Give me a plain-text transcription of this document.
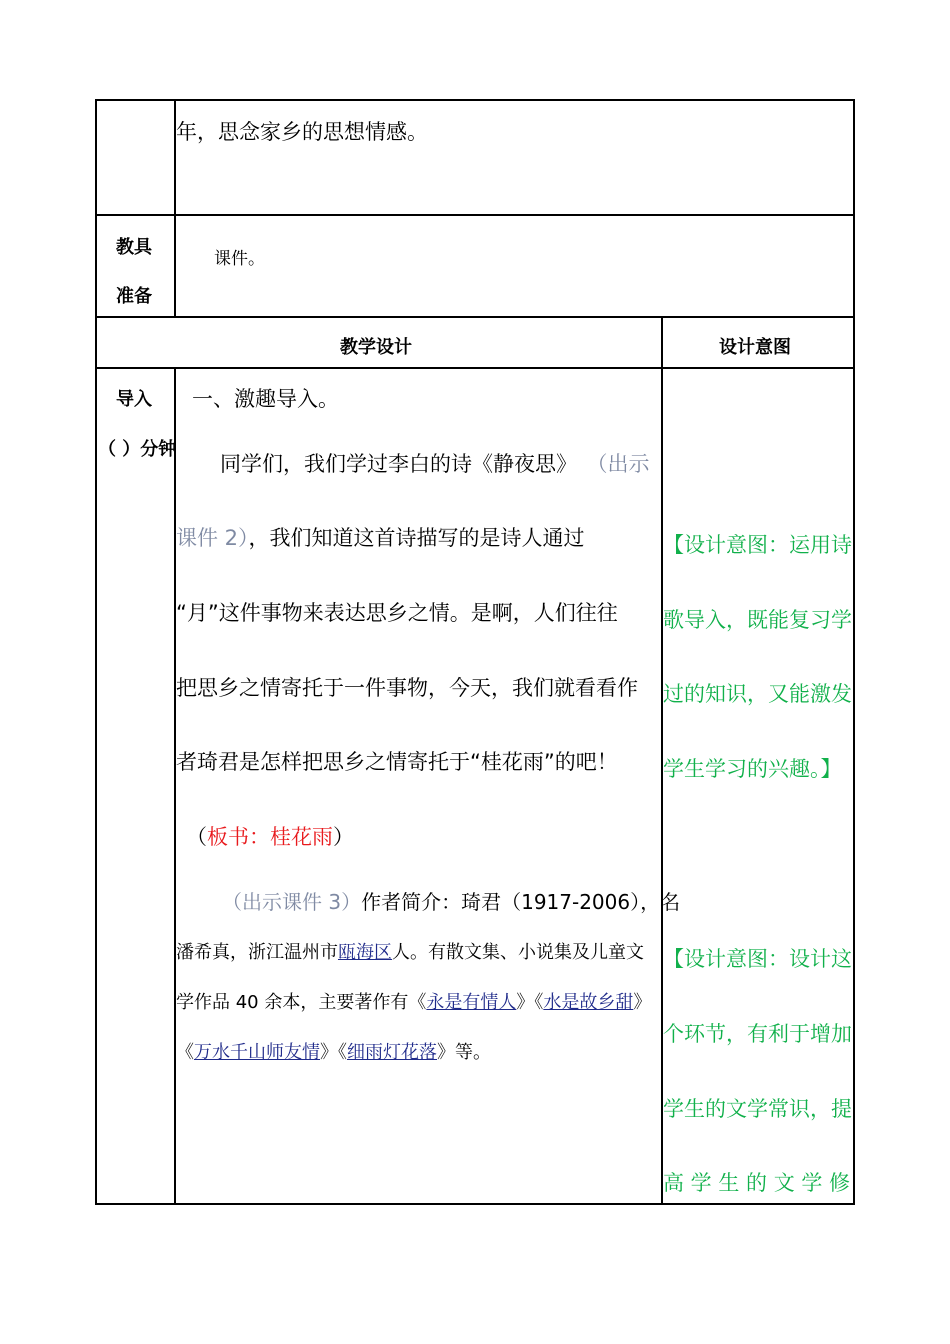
年，思念家乡的思想情感。
教具
准备
课件。
教学设计	设计意图
导入
（ ）分钟
一、激趣导入。
同学们，我们学过李白的诗《静夜思》 （出示
课件 2），我们知道这首诗描写的是诗人通过
“月”这件事物来表达思乡之情。是啊，人们往往
把思乡之情寄托于一件事物，今天，我们就看看作
者琦君是怎样把思乡之情寄托于“桂花雨”的吧！
（板书：桂花雨）
（出示课件 3）作者简介：琦君（1917-2006），名
潘希真，浙江温州市瓯海区人。有散文集、小说集及儿童文
学作品 40 余本，主要著作有《永是有情人》《水是故乡甜》
《万水千山师友情》《细雨灯花落》等。
【设计意图：运用诗
歌导入，既能复习学
过的知识，又能激发
学生学习的兴趣。】
【设计意图：设计这
个环节，有利于增加
学生的文学常识，提
高 学 生 的 文 学 修
